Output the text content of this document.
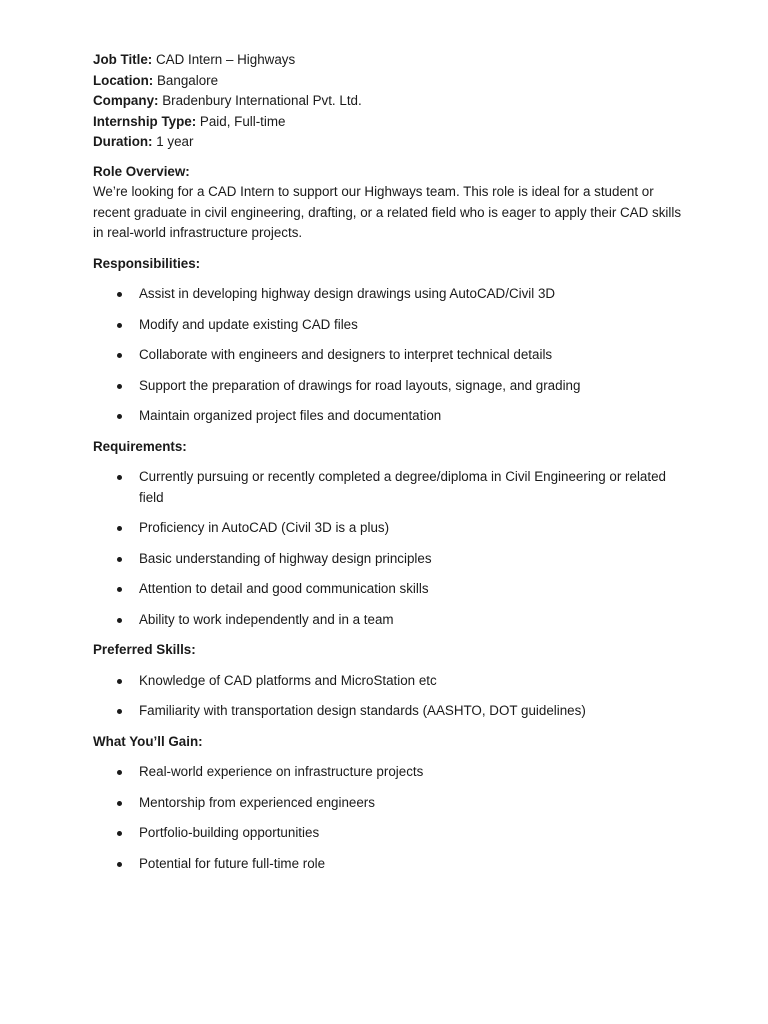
Job Title: CAD Intern – Highways

Location: Bangalore

Company: Bradenbury International Pvt. Ltd.

Internship Type: Paid, Full-time

Duration: 1 year

Role Overview:

We’re looking for a CAD Intern to support our Highways team. This role is ideal for a student or recent graduate in civil engineering, drafting, or a related field who is eager to apply their CAD skills in real-world infrastructure projects.

Responsibilities:

Assist in developing highway design drawings using AutoCAD/Civil 3D
Modify and update existing CAD files
Collaborate with engineers and designers to interpret technical details
Support the preparation of drawings for road layouts, signage, and grading
Maintain organized project files and documentation

Requirements:

Currently pursuing or recently completed a degree/diploma in Civil Engineering or related field
Proficiency in AutoCAD (Civil 3D is a plus)
Basic understanding of highway design principles
Attention to detail and good communication skills
Ability to work independently and in a team

Preferred Skills:

Knowledge of CAD platforms and MicroStation etc
Familiarity with transportation design standards (AASHTO, DOT guidelines)

What You’ll Gain:

Real-world experience on infrastructure projects
Mentorship from experienced engineers
Portfolio-building opportunities
Potential for future full-time role
